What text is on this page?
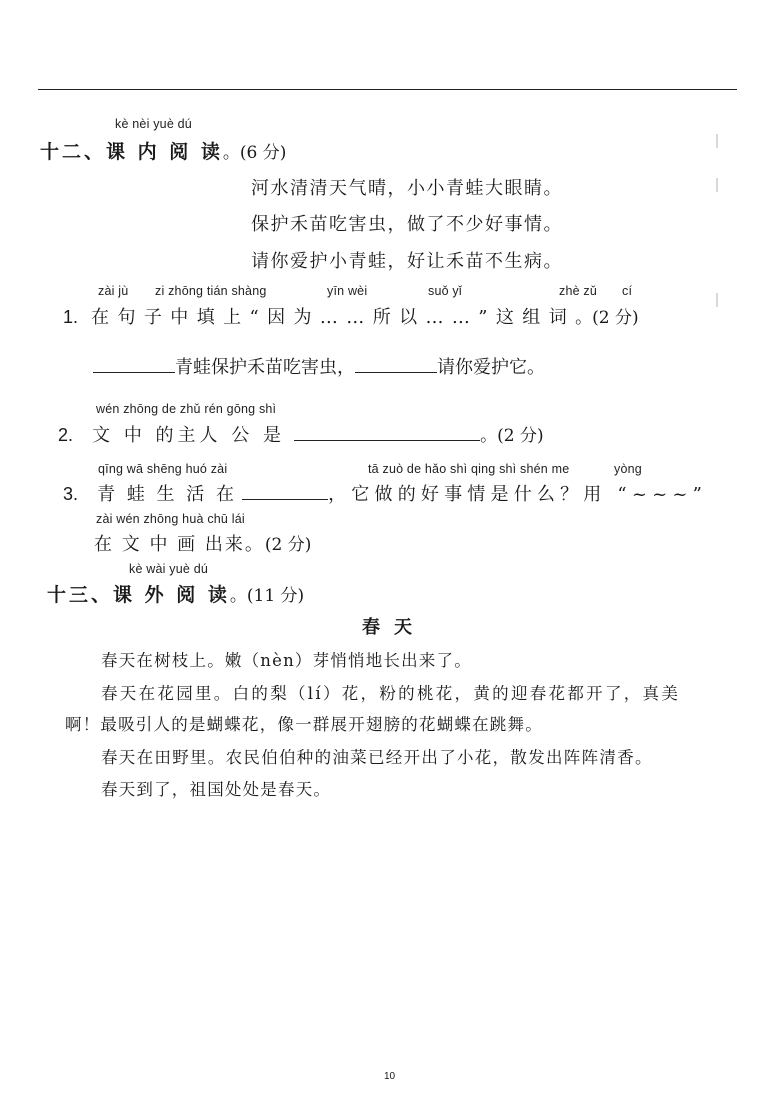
kè nèi yuè dú
十二、课 内 阅 读。(6 分)
河水清清天气晴，小小青蛙大眼睛。
保护禾苗吃害虫，做了不少好事情。
请你爱护小青蛙，好让禾苗不生病。
zài jù zi zhōng tián shàng	yīn wèi	suǒ yǐ	zhè zǔ cí
1. 在句子中填上“因为……所以……”这组词。(2 分)
青蛙保护禾苗吃害虫，	请你爱护它。
wén zhōng de zhǔ rén gōng shì
2. 文 中 的主人 公 是	。(2 分)
qīng wā shēng huó zài	tā zuò de hǎo shì qing shì shén me	yòng
3. 青 蛙 生 活 在	，它做的好事情是什么？用 “~~~”
zài wén zhōng huà chū lái
在 文 中 画 出来。(2 分)
kè wài yuè dú
十三、课 外 阅 读。(11 分)
春天
春天在树枝上。嫩（nèn）芽悄悄地长出来了。
春天在花园里。白的梨（lí）花，粉的桃花，黄的迎春花都开了，真美
啊！最吸引人的是蝴蝶花，像一群展开翅膀的花蝴蝶在跳舞。
春天在田野里。农民伯伯种的油菜已经开出了小花，散发出阵阵清香。
春天到了，祖国处处是春天。
10
